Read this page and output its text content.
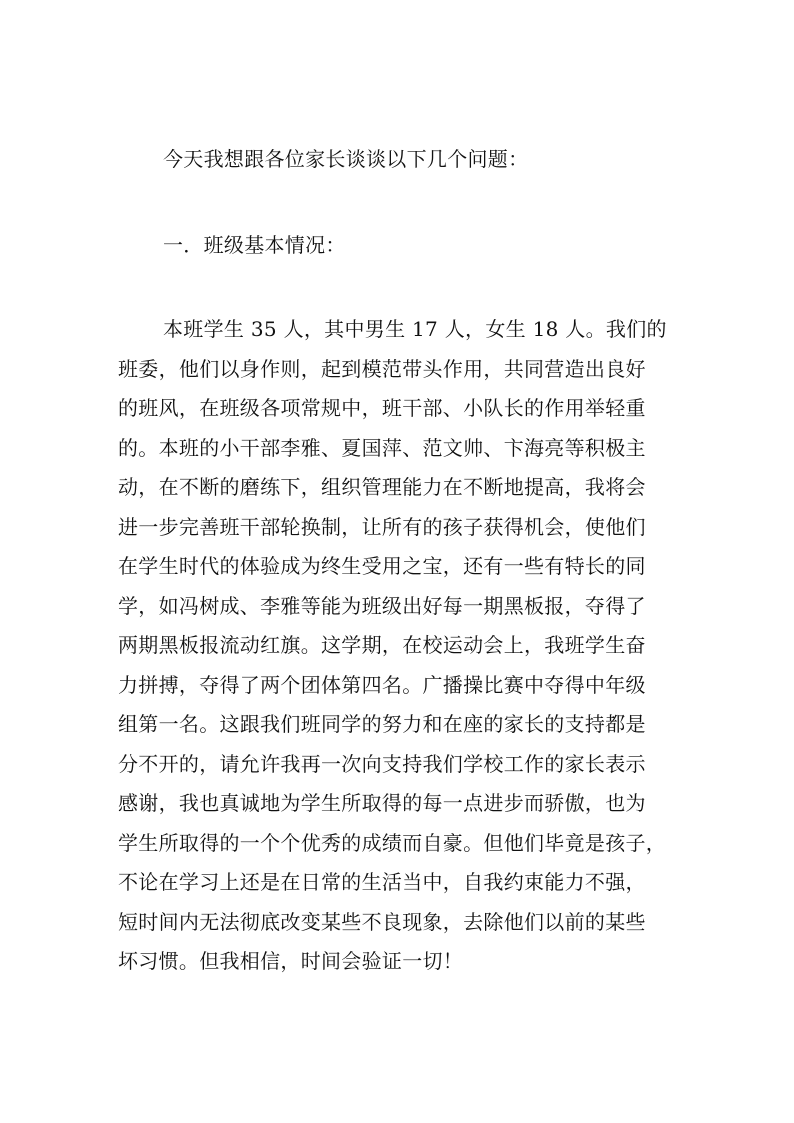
今天我想跟各位家长谈谈以下几个问题：
一．班级基本情况：
本班学生 35 人，其中男生 17 人，女生 18 人。我们的
班委，他们以身作则，起到模范带头作用，共同营造出良好
的班风，在班级各项常规中，班干部、小队长的作用举轻重
的。本班的小干部李雅、夏国萍、范文帅、卞海亮等积极主
动，在不断的磨练下，组织管理能力在不断地提高，我将会
进一步完善班干部轮换制，让所有的孩子获得机会，使他们
在学生时代的体验成为终生受用之宝，还有一些有特长的同
学，如冯树成、李雅等能为班级出好每一期黑板报，夺得了
两期黑板报流动红旗。这学期，在校运动会上，我班学生奋
力拼搏，夺得了两个团体第四名。广播操比赛中夺得中年级
组第一名。这跟我们班同学的努力和在座的家长的支持都是
分不开的，请允许我再一次向支持我们学校工作的家长表示
感谢，我也真诚地为学生所取得的每一点进步而骄傲，也为
学生所取得的一个个优秀的成绩而自豪。但他们毕竟是孩子，
不论在学习上还是在日常的生活当中，自我约束能力不强，
短时间内无法彻底改变某些不良现象，去除他们以前的某些
坏习惯。但我相信，时间会验证一切！
